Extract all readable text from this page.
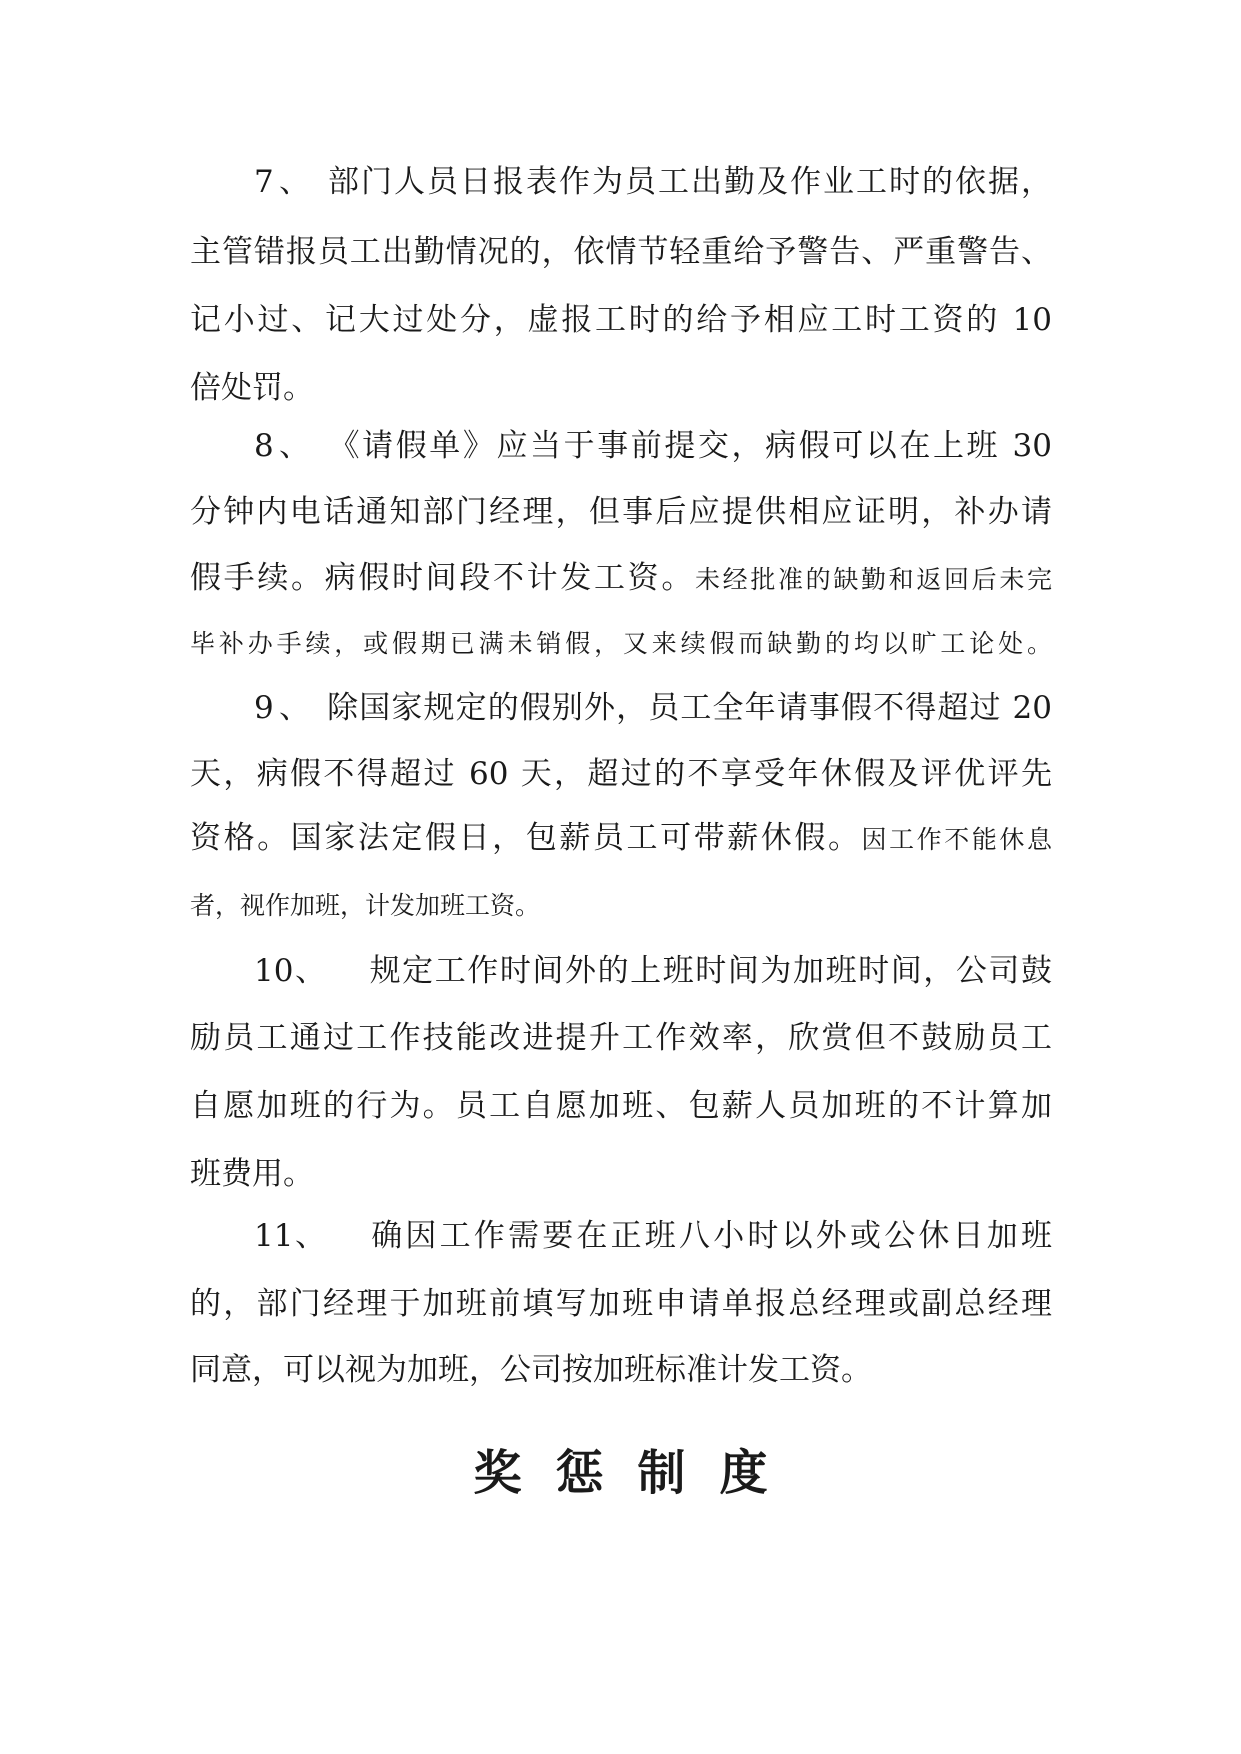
7、 部门人员日报表作为员工出勤及作业工时的依据，
主管错报员工出勤情况的，依情节轻重给予警告、严重警告、
记小过、记大过处分，虚报工时的给予相应工时工资的 10
倍处罚。
8、 《请假单》应当于事前提交，病假可以在上班 30
分钟内电话通知部门经理，但事后应提供相应证明，补办请
假手续。病假时间段不计发工资。未经批准的缺勤和返回后未完
毕补办手续，或假期已满未销假，又来续假而缺勤的均以旷工论处。
9、 除国家规定的假别外，员工全年请事假不得超过 20
天，病假不得超过 60 天，超过的不享受年休假及评优评先
资格。国家法定假日，包薪员工可带薪休假。因工作不能休息
者，视作加班，计发加班工资。
10、 规定工作时间外的上班时间为加班时间，公司鼓
励员工通过工作技能改进提升工作效率，欣赏但不鼓励员工
自愿加班的行为。员工自愿加班、包薪人员加班的不计算加
班费用。
11、 确因工作需要在正班八小时以外或公休日加班
的，部门经理于加班前填写加班申请单报总经理或副总经理
同意，可以视为加班，公司按加班标准计发工资。
奖惩制度
